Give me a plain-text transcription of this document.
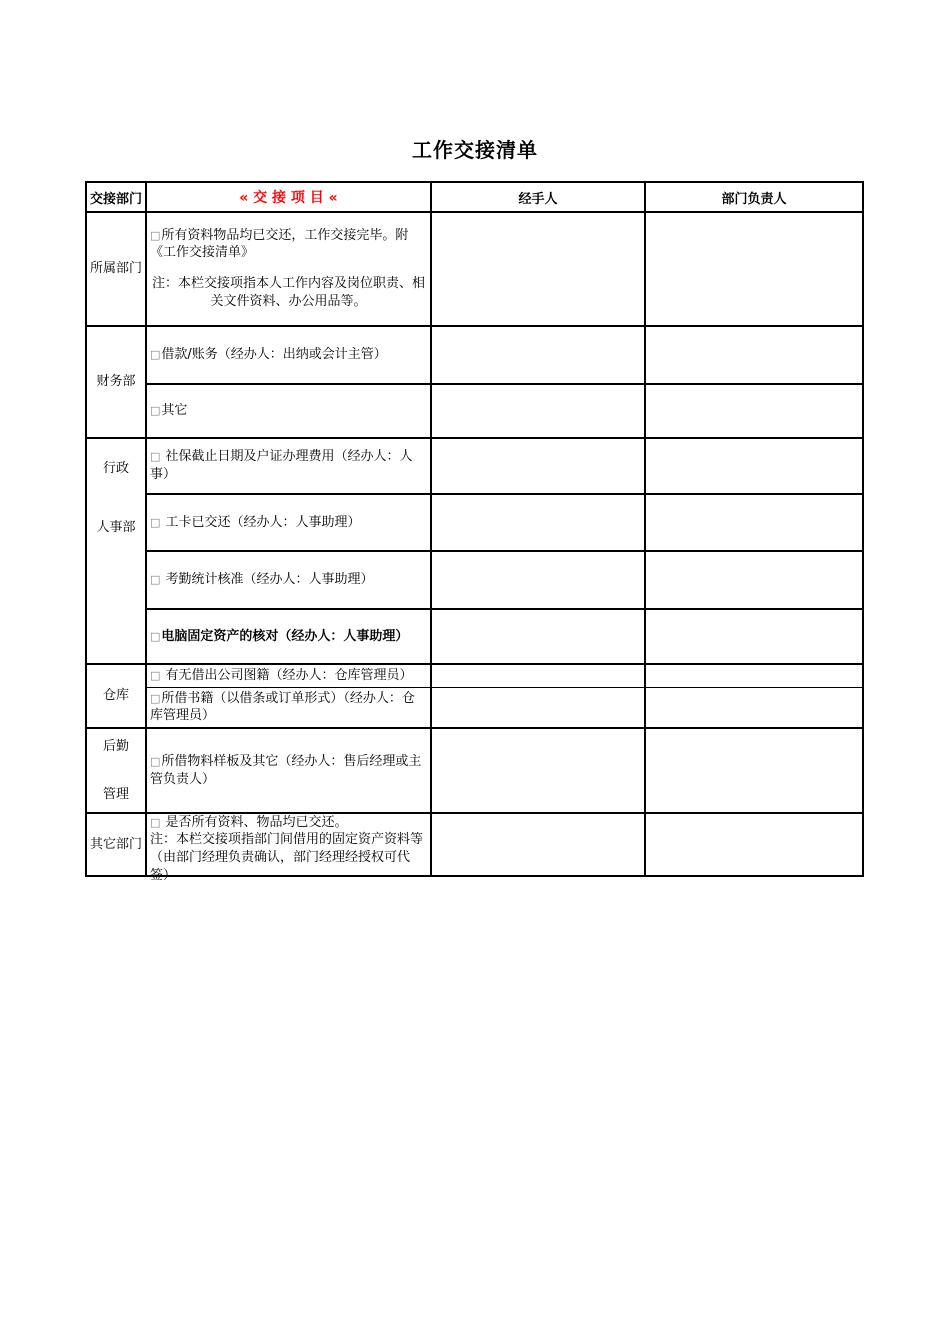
工作交接清单
交接部门	« 交 接 项 目 «	经手人	部门负责人
所属部门	□所有资料物品均已交还，工作交接完毕。附《工作交接清单》
注：本栏交接项指本人工作内容及岗位职责、相关文件资料、办公用品等。		

财务部	□借款/账务（经办人：出纳或会计主管）		

	□其它		

行政
人事部	□ 社保截止日期及户证办理费用（经办人：人事）		

	□ 工卡已交还（经办人：人事助理）		

	□ 考勤统计核准（经办人：人事助理）		

	□电脑固定资产的核对（经办人：人事助理）		

仓库	□ 有无借出公司图籍（经办人：仓库管理员）		

	□所借书籍（以借条或订单形式）（经办人：仓库管理员）		

后勤
管理	□所借物料样板及其它（经办人：售后经理或主管负责人）		

其它部门	□ 是否所有资料、物品均已交还。
注：本栏交接项指部门间借用的固定资产资料等（由部门经理负责确认，部门经理经授权可代签）		
